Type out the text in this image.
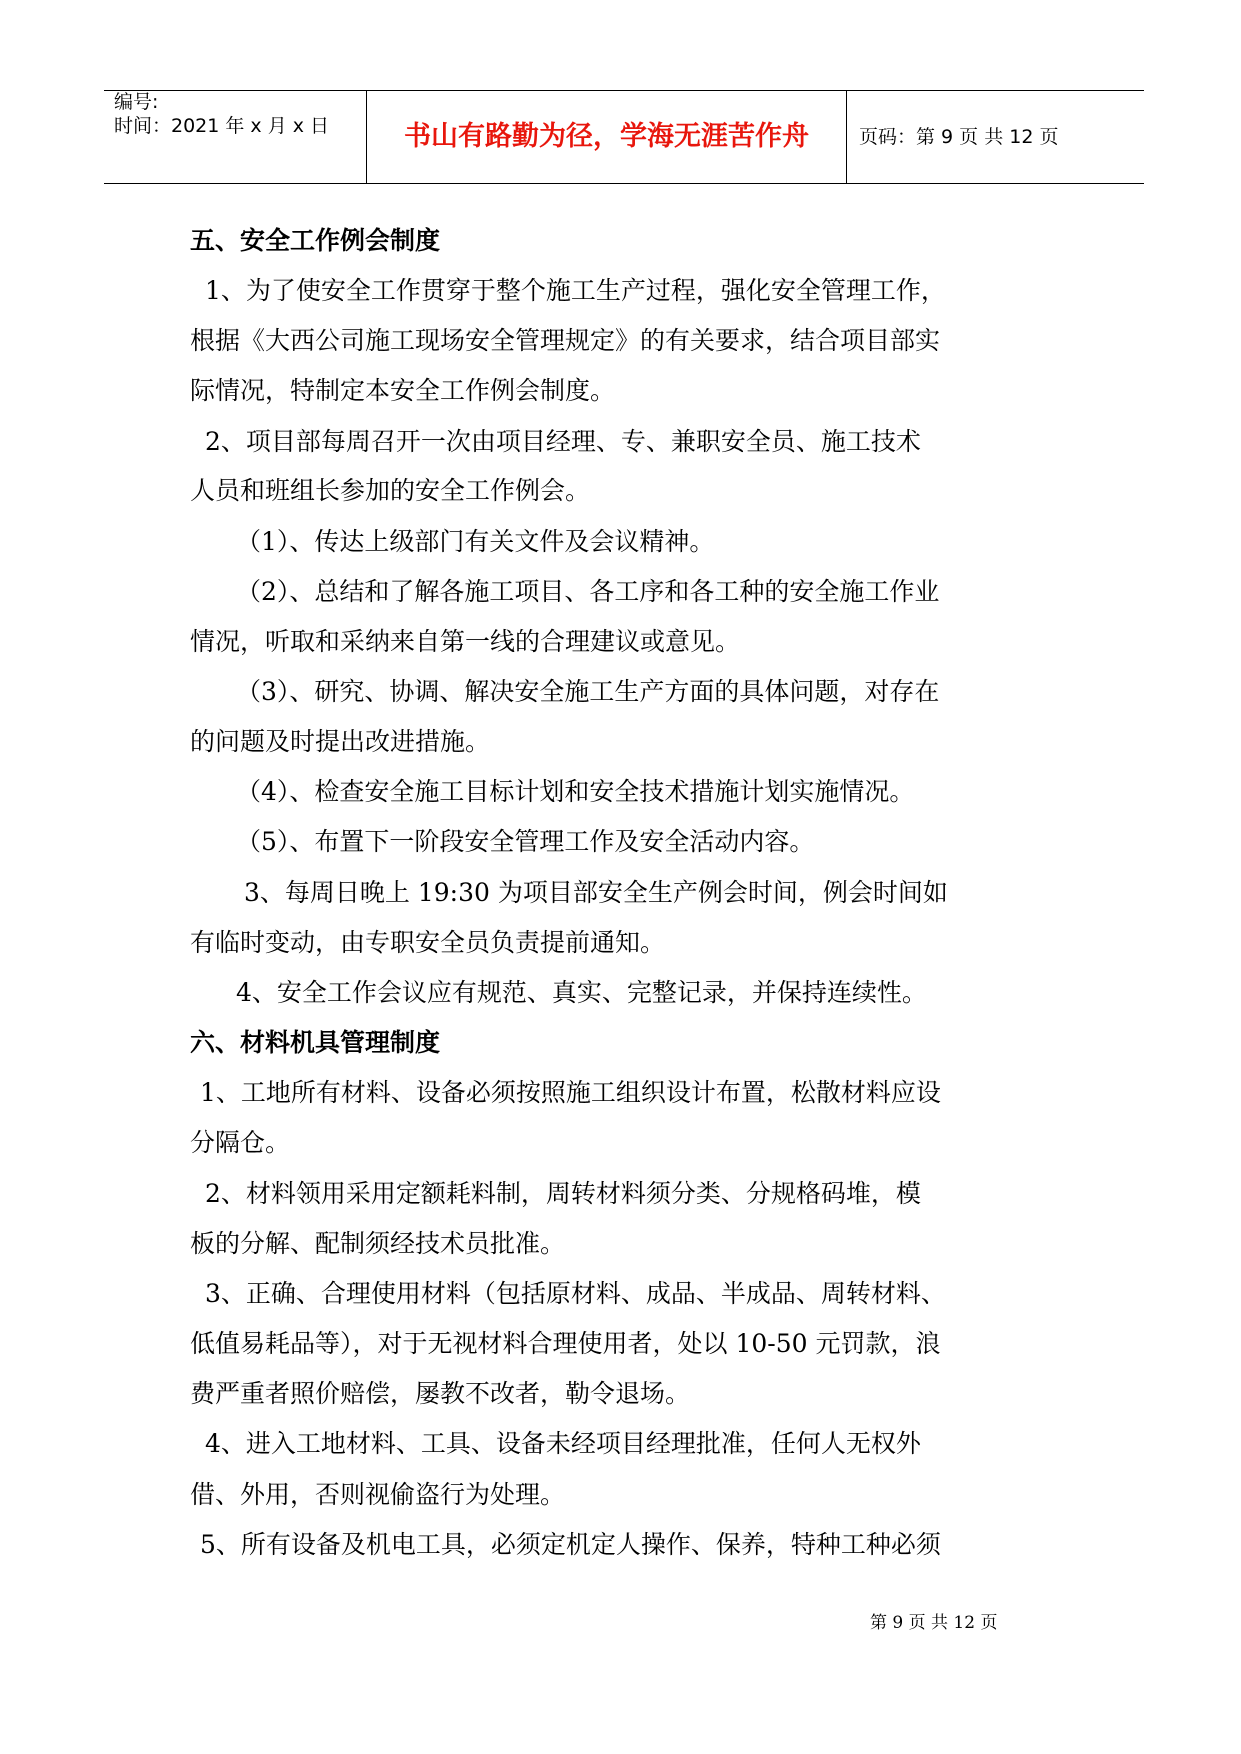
编号:
时间：2021 年 x 月 x 日	书山有路勤为径，学海无涯苦作舟	页码：第 9 页 共 12 页
五、安全工作例会制度
1、为了使安全工作贯穿于整个施工生产过程，强化安全管理工作，
根据《大西公司施工现场安全管理规定》的有关要求，结合项目部实
际情况，特制定本安全工作例会制度。
2、项目部每周召开一次由项目经理、专、兼职安全员、施工技术
人员和班组长参加的安全工作例会。
（1）、传达上级部门有关文件及会议精神。
（2）、总结和了解各施工项目、各工序和各工种的安全施工作业
情况，听取和采纳来自第一线的合理建议或意见。
（3）、研究、协调、解决安全施工生产方面的具体问题，对存在
的问题及时提出改进措施。
（4）、检查安全施工目标计划和安全技术措施计划实施情况。
（5）、布置下一阶段安全管理工作及安全活动内容。
3、每周日晚上 19:30 为项目部安全生产例会时间，例会时间如
有临时变动，由专职安全员负责提前通知。
4、安全工作会议应有规范、真实、完整记录，并保持连续性。
六、材料机具管理制度
1、工地所有材料、设备必须按照施工组织设计布置，松散材料应设
分隔仓。
2、材料领用采用定额耗料制，周转材料须分类、分规格码堆，模
板的分解、配制须经技术员批准。
3、正确、合理使用材料（包括原材料、成品、半成品、周转材料、
低值易耗品等），对于无视材料合理使用者，处以 10-50 元罚款，浪
费严重者照价赔偿，屡教不改者，勒令退场。
4、进入工地材料、工具、设备未经项目经理批准，任何人无权外
借、外用，否则视偷盗行为处理。
5、所有设备及机电工具，必须定机定人操作、保养，特种工种必须
第 9 页 共 12 页
